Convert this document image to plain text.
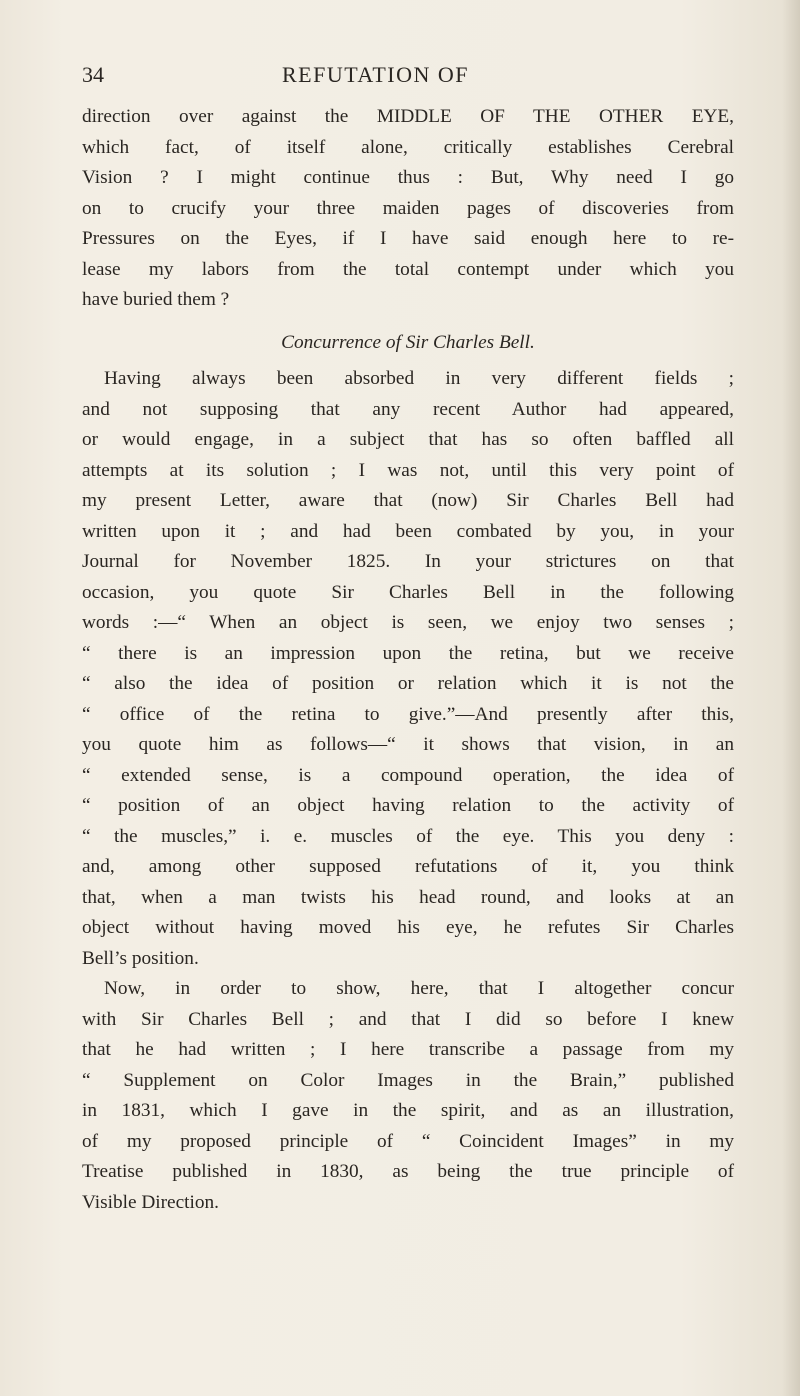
34	REFUTATION OF
direction over against the MIDDLE OF THE OTHER EYE,
which fact, of itself alone, critically establishes Cerebral
Vision ? I might continue thus : But, Why need I go
on to crucify your three maiden pages of discoveries from
Pressures on the Eyes, if I have said enough here to re-
lease my labors from the total contempt under which you
have buried them ?
Concurrence of Sir Charles Bell.
Having always been absorbed in very different fields ;
and not supposing that any recent Author had appeared,
or would engage, in a subject that has so often baffled all
attempts at its solution ; I was not, until this very point of
my present Letter, aware that (now) Sir Charles Bell had
written upon it ; and had been combated by you, in your
Journal for November 1825. In your strictures on that
occasion, you quote Sir Charles Bell in the following
words :—“ When an object is seen, we enjoy two senses ;
“ there is an impression upon the retina, but we receive
“ also the idea of position or relation which it is not the
“ office of the retina to give.”—And presently after this,
you quote him as follows—“ it shows that vision, in an
“ extended sense, is a compound operation, the idea of
“ position of an object having relation to the activity of
“ the muscles,” i. e. muscles of the eye. This you deny :
and, among other supposed refutations of it, you think
that, when a man twists his head round, and looks at an
object without having moved his eye, he refutes Sir Charles
Bell’s position.
Now, in order to show, here, that I altogether concur
with Sir Charles Bell ; and that I did so before I knew
that he had written ; I here transcribe a passage from my
“ Supplement on Color Images in the Brain,” published
in 1831, which I gave in the spirit, and as an illustration,
of my proposed principle of “ Coincident Images” in my
Treatise published in 1830, as being the true principle of
Visible Direction.
